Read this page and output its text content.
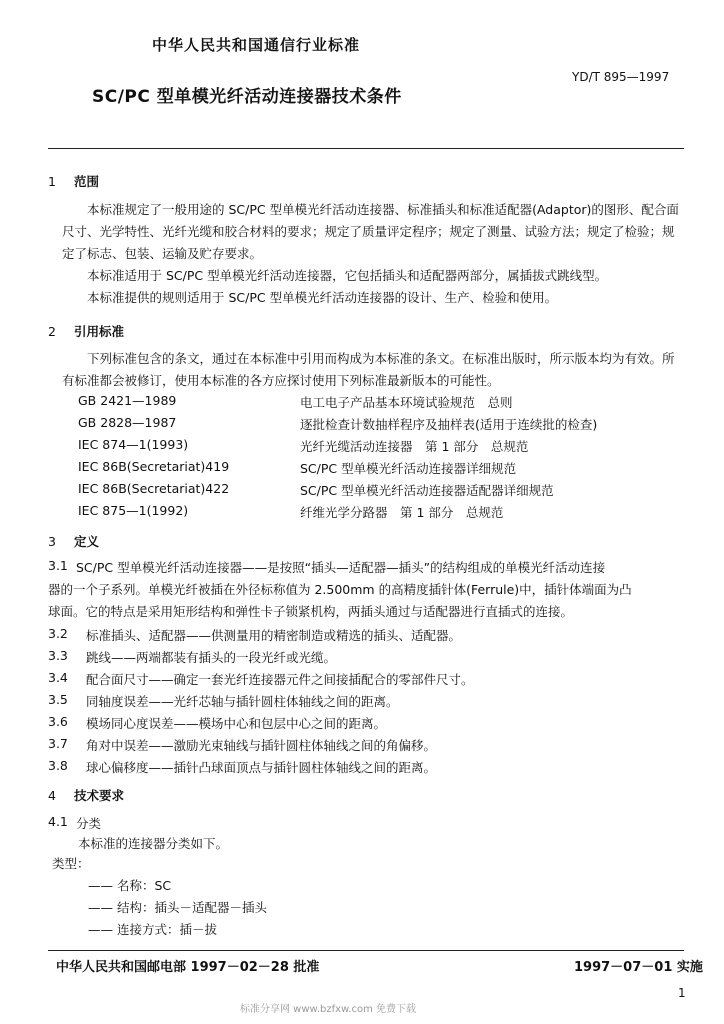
中华人民共和国通信行业标准
YD/T 895—1997
SC/PC 型单模光纤活动连接器技术条件
1 范围
本标准规定了一般用途的 SC/PC 型单模光纤活动连接器、标准插头和标准适配器(Adaptor)的图形、配合面尺寸、光学特性、光纤光缆和胶合材料的要求；规定了质量评定程序；规定了测量、试验方法；规定了检验；规定了标志、包装、运输及贮存要求。
本标准适用于 SC/PC 型单模光纤活动连接器，它包括插头和适配器两部分，属插拔式跳线型。
本标准提供的规则适用于 SC/PC 型单模光纤活动连接器的设计、生产、检验和使用。
2 引用标准
下列标准包含的条文，通过在本标准中引用而构成为本标准的条文。在标准出版时，所示版本均为有效。所有标准都会被修订，使用本标准的各方应探讨使用下列标准最新版本的可能性。
GB 2421—1989	电工电子产品基本环境试验规范　总则
GB 2828—1987	逐批检查计数抽样程序及抽样表(适用于连续批的检查)
IEC 874—1(1993)	光纤光缆活动连接器　第 1 部分　总规范
IEC 86B(Secretariat)419	SC/PC 型单模光纤活动连接器详细规范
IEC 86B(Secretariat)422	SC/PC 型单模光纤活动连接器适配器详细规范
IEC 875—1(1992)	纤维光学分路器　第 1 部分　总规范
3 定义
3.1 SC/PC 型单模光纤活动连接器——是按照“插头—适配器—插头”的结构组成的单模光纤活动连接
器的一个子系列。单模光纤被插在外径标称值为 2.500mm 的高精度插针体(Ferrule)中，插针体端面为凸
球面。它的特点是采用矩形结构和弹性卡子锁紧机构，两插头通过与适配器进行直插式的连接。
3.2 标准插头、适配器——供测量用的精密制造或精选的插头、适配器。
3.3 跳线——两端都装有插头的一段光纤或光缆。
3.4 配合面尺寸——确定一套光纤连接器元件之间接插配合的零部件尺寸。
3.5 同轴度误差——光纤芯轴与插针圆柱体轴线之间的距离。
3.6 模场同心度误差——模场中心和包层中心之间的距离。
3.7 角对中误差——激励光束轴线与插针圆柱体轴线之间的角偏移。
3.8 球心偏移度——插针凸球面顶点与插针圆柱体轴线之间的距离。
4 技术要求
4.1 分类
本标准的连接器分类如下。
类型：
—— 名称：SC
—— 结构：插头－适配器－插头
—— 连接方式：插－拔
中华人民共和国邮电部 1997－02－28 批准	1997－07－01 实施
1
标准分享网 www.bzfxw.com 免费下载
